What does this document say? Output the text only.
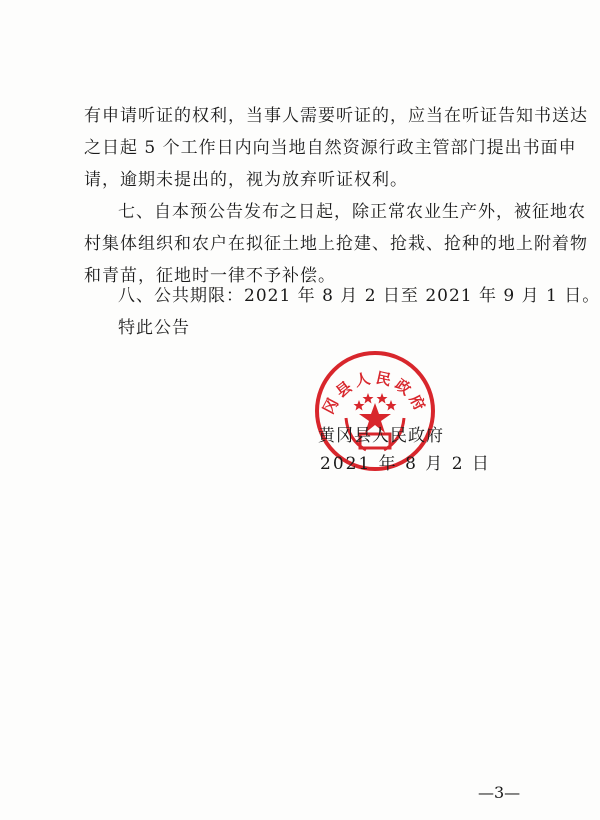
有申请听证的权利，当事人需要听证的，应当在听证告知书送达
之日起 5 个工作日内向当地自然资源行政主管部门提出书面申
请，逾期未提出的，视为放弃听证权利。
七、自本预公告发布之日起，除正常农业生产外，被征地农
村集体组织和农户在拟征土地上抢建、抢栽、抢种的地上附着物
和青苗，征地时一律不予补偿。
八、公共期限：2021 年 8 月 2 日至 2021 年 9 月 1 日。
特此公告
冈县人民政府
黄冈县人民政府
2021 年 8 月 2 日
—3—
